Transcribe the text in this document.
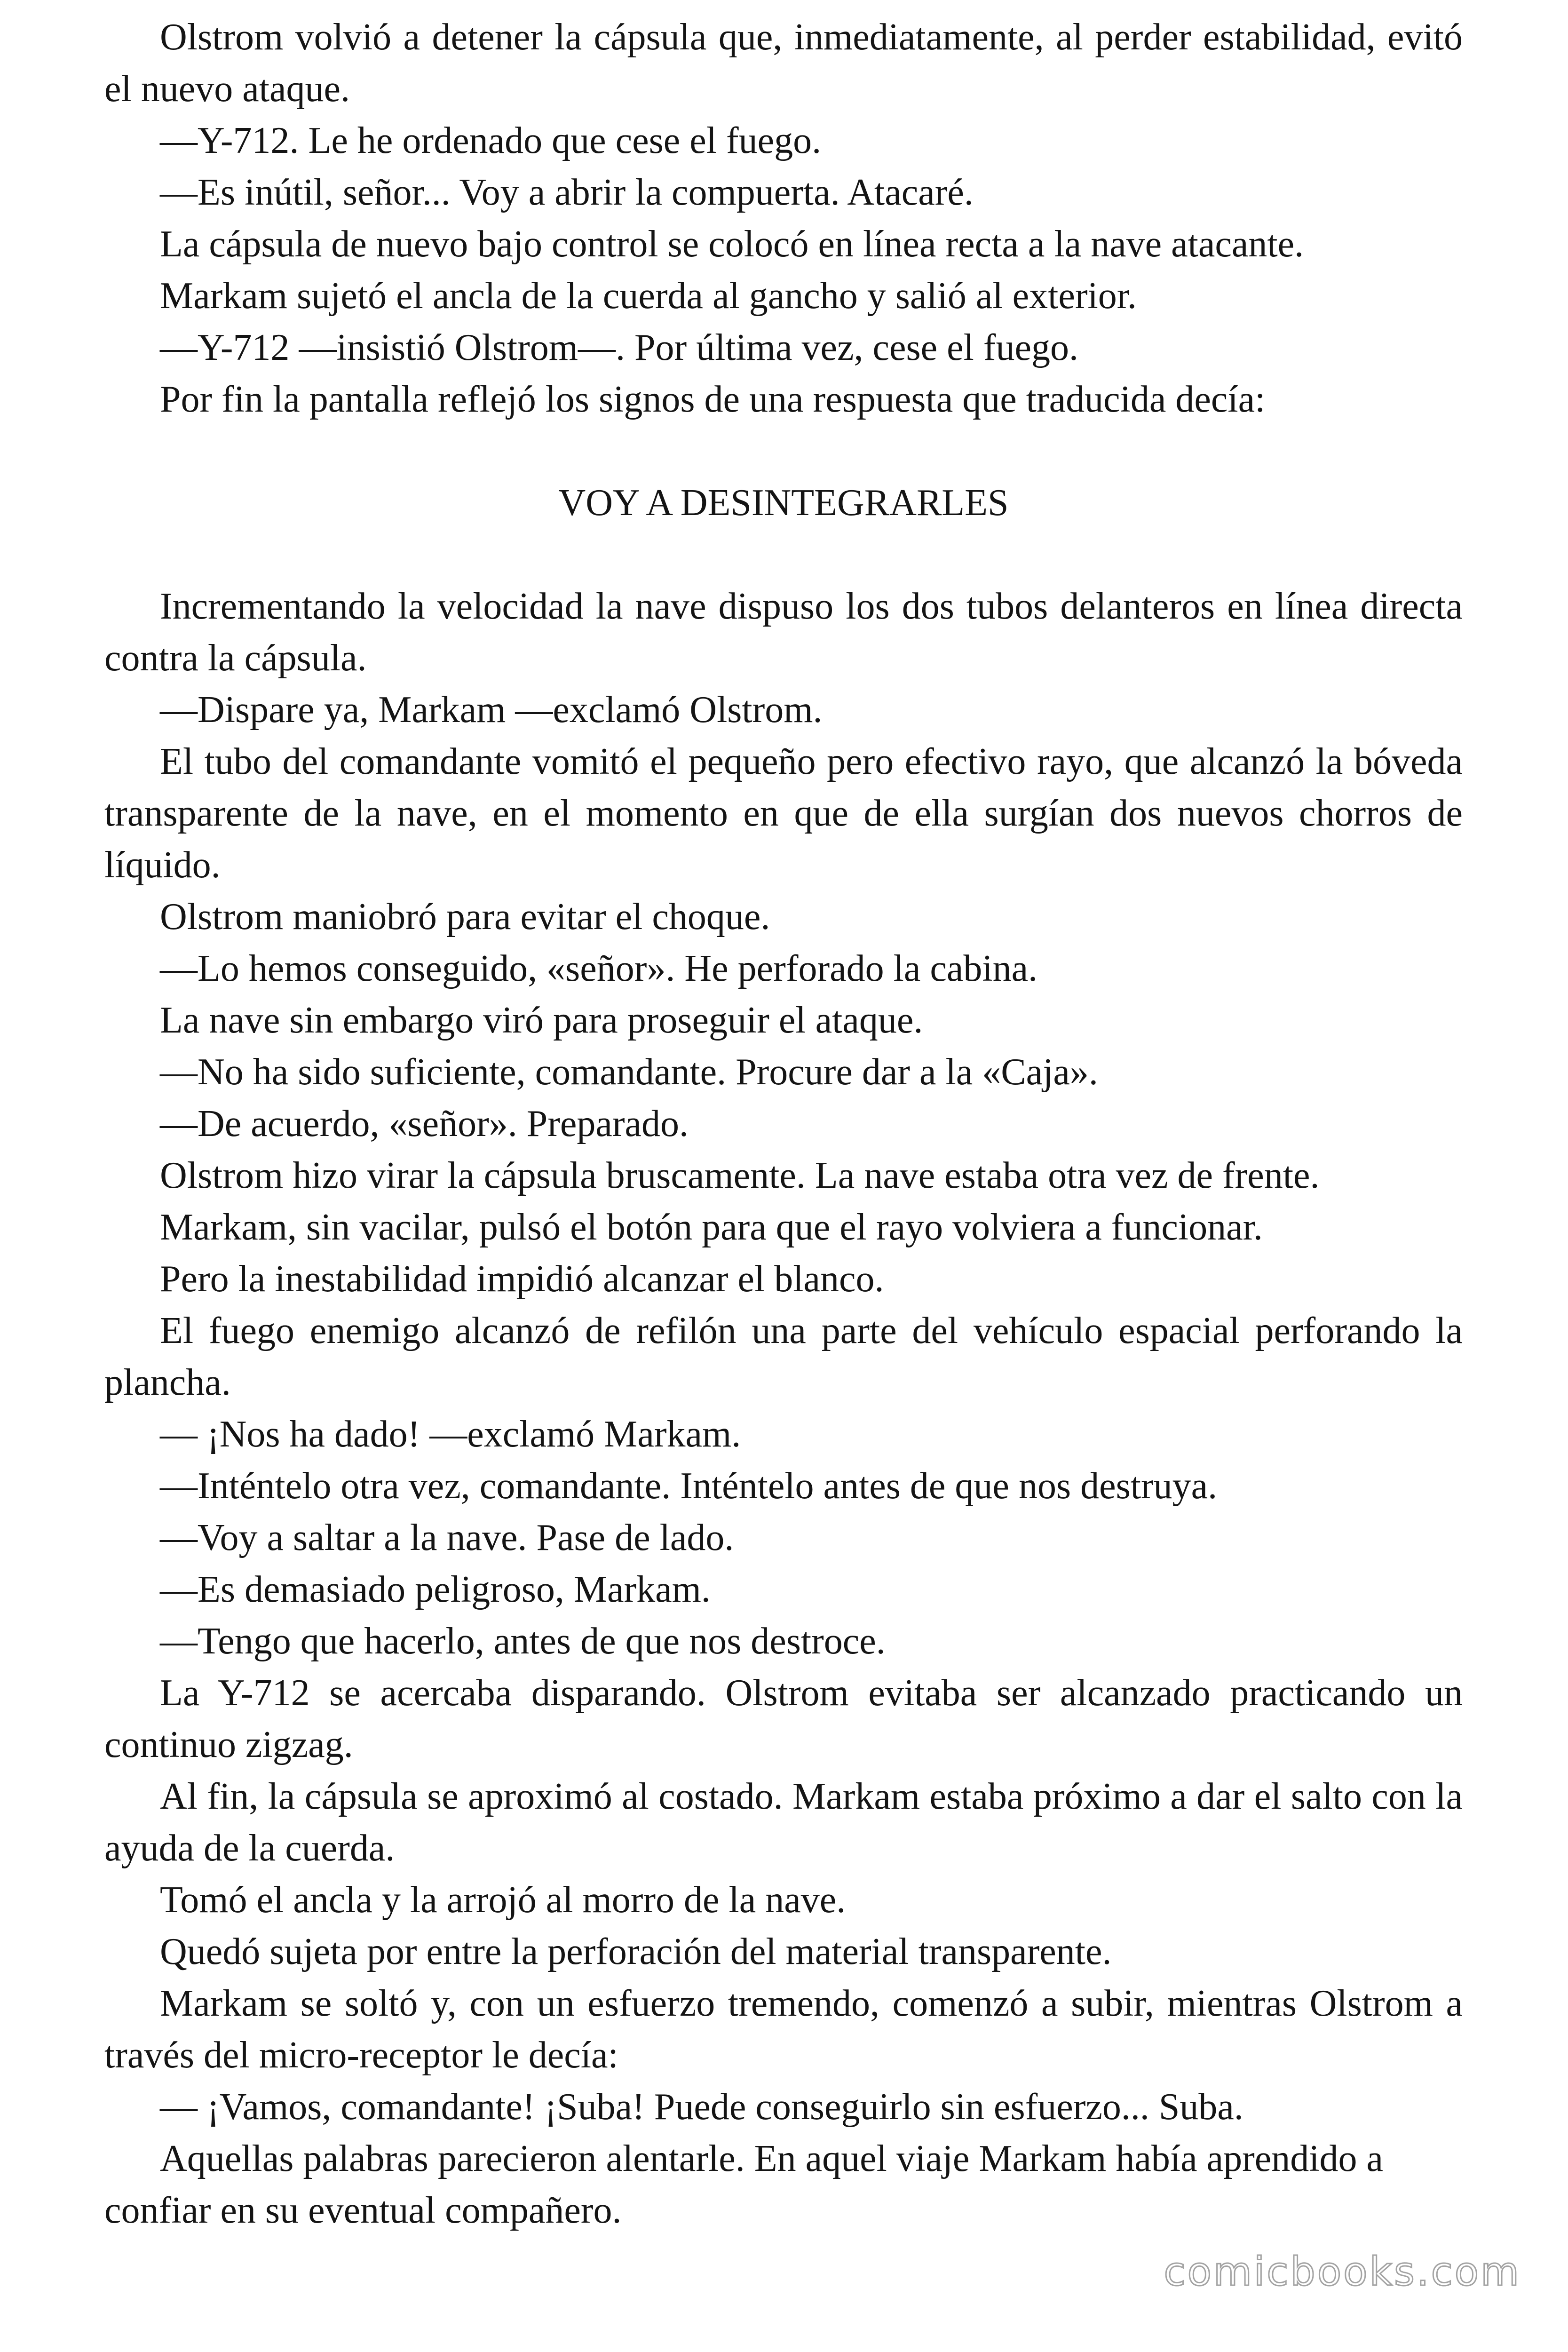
Olstrom volvió a detener la cápsula que, inmediatamente, al perder estabilidad, evitó el nuevo ataque.

—Y-712. Le he ordenado que cese el fuego.

—Es inútil, señor... Voy a abrir la compuerta. Atacaré.

La cápsula de nuevo bajo control se colocó en línea recta a la nave atacante.

Markam sujetó el ancla de la cuerda al gancho y salió al exterior.

—Y-712 —insistió Olstrom—. Por última vez, cese el fuego.

Por fin la pantalla reflejó los signos de una respuesta que traducida decía:

VOY A DESINTEGRARLES

Incrementando la velocidad la nave dispuso los dos tubos delanteros en línea directa contra la cápsula.

—Dispare ya, Markam —exclamó Olstrom.

El tubo del comandante vomitó el pequeño pero efectivo rayo, que alcanzó la bóveda transparente de la nave, en el momento en que de ella surgían dos nuevos chorros de líquido.

Olstrom maniobró para evitar el choque.

—Lo hemos conseguido, «señor». He perforado la cabina.

La nave sin embargo viró para proseguir el ataque.

—No ha sido suficiente, comandante. Procure dar a la «Caja».

—De acuerdo, «señor». Preparado.

Olstrom hizo virar la cápsula bruscamente. La nave estaba otra vez de frente.

Markam, sin vacilar, pulsó el botón para que el rayo volviera a funcionar.

Pero la inestabilidad impidió alcanzar el blanco.

El fuego enemigo alcanzó de refilón una parte del vehículo espacial perforando la plancha.

— ¡Nos ha dado! —exclamó Markam.

—Inténtelo otra vez, comandante. Inténtelo antes de que nos destruya.

—Voy a saltar a la nave. Pase de lado.

—Es demasiado peligroso, Markam.

—Tengo que hacerlo, antes de que nos destroce.

La Y-712 se acercaba disparando. Olstrom evitaba ser alcanzado practicando un continuo zigzag.

Al fin, la cápsula se aproximó al costado. Markam estaba próximo a dar el salto con la ayuda de la cuerda.

Tomó el ancla y la arrojó al morro de la nave.

Quedó sujeta por entre la perforación del material transparente.

Markam se soltó y, con un esfuerzo tremendo, comenzó a subir, mientras Olstrom a través del micro-receptor le decía:

— ¡Vamos, comandante! ¡Suba! Puede conseguirlo sin esfuerzo... Suba.

Aquellas palabras parecieron alentarle. En aquel viaje Markam había aprendido a confiar en su eventual compañero.

comicbooks.com
